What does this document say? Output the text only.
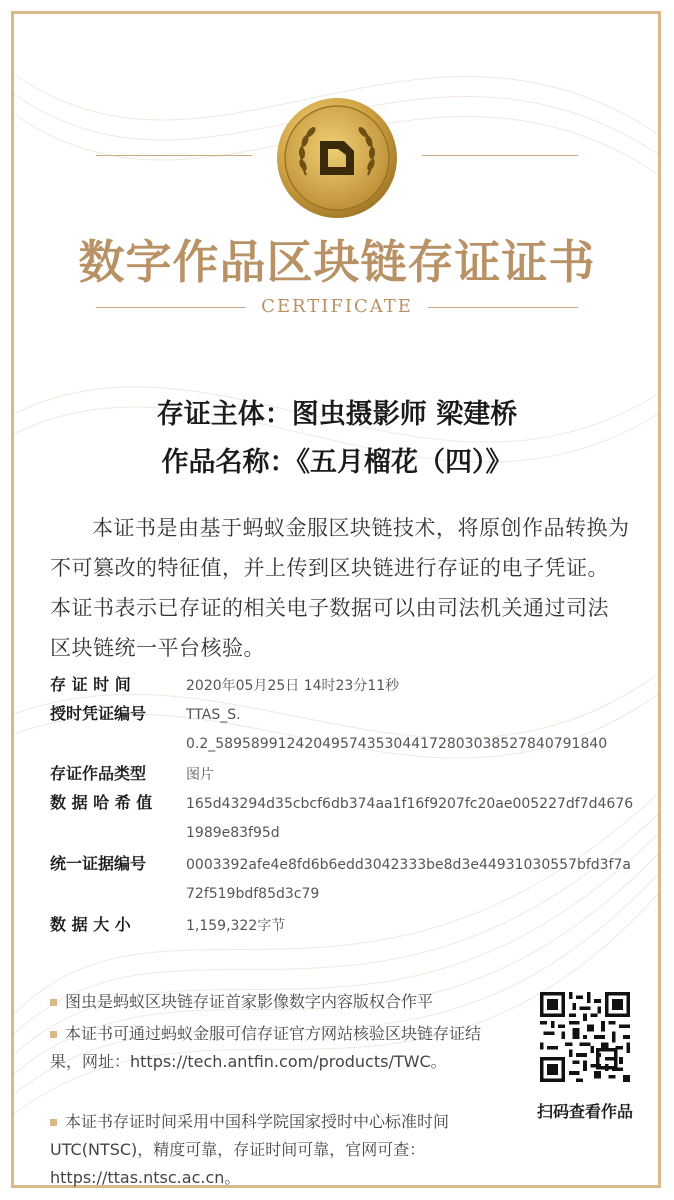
数字作品区块链存证证书
CERTIFICATE
存证主体：图虫摄影师 梁建桥
作品名称：《五月榴花（四）》
本证书是由基于蚂蚁金服区块链技术，将原创作品转换为不可篡改的特征值，并上传到区块链进行存证的电子凭证。本证书表示已存证的相关电子数据可以由司法机关通过司法区块链统一平台核验。
存 证 时 间	2020年05月25日 14时23分11秒
授时凭证编号	TTAS_S.
0.2_58958991242049574353044172803038527840791840
存证作品类型	图片
数 据 哈 希 值	165d43294d35cbcf6db374aa1f16f9207fc20ae005227df7d46761989e83f95d
统一证据编号	0003392afe4e8fd6b6edd3042333be8d3e44931030557bfd3f7a72f519bdf85d3c79
数 据 大 小	1,159,322字节
图虫是蚂蚁区块链存证首家影像数字内容版权合作平
本证书可通过蚂蚁金服可信存证官方网站核验区块链存证结果，网址：https://tech.antfin.com/products/TWC。
本证书存证时间采用中国科学院国家授时中心标准时间UTC(NTSC)，精度可靠，存证时间可靠，官网可查：https://ttas.ntsc.ac.cn。
扫码查看作品
